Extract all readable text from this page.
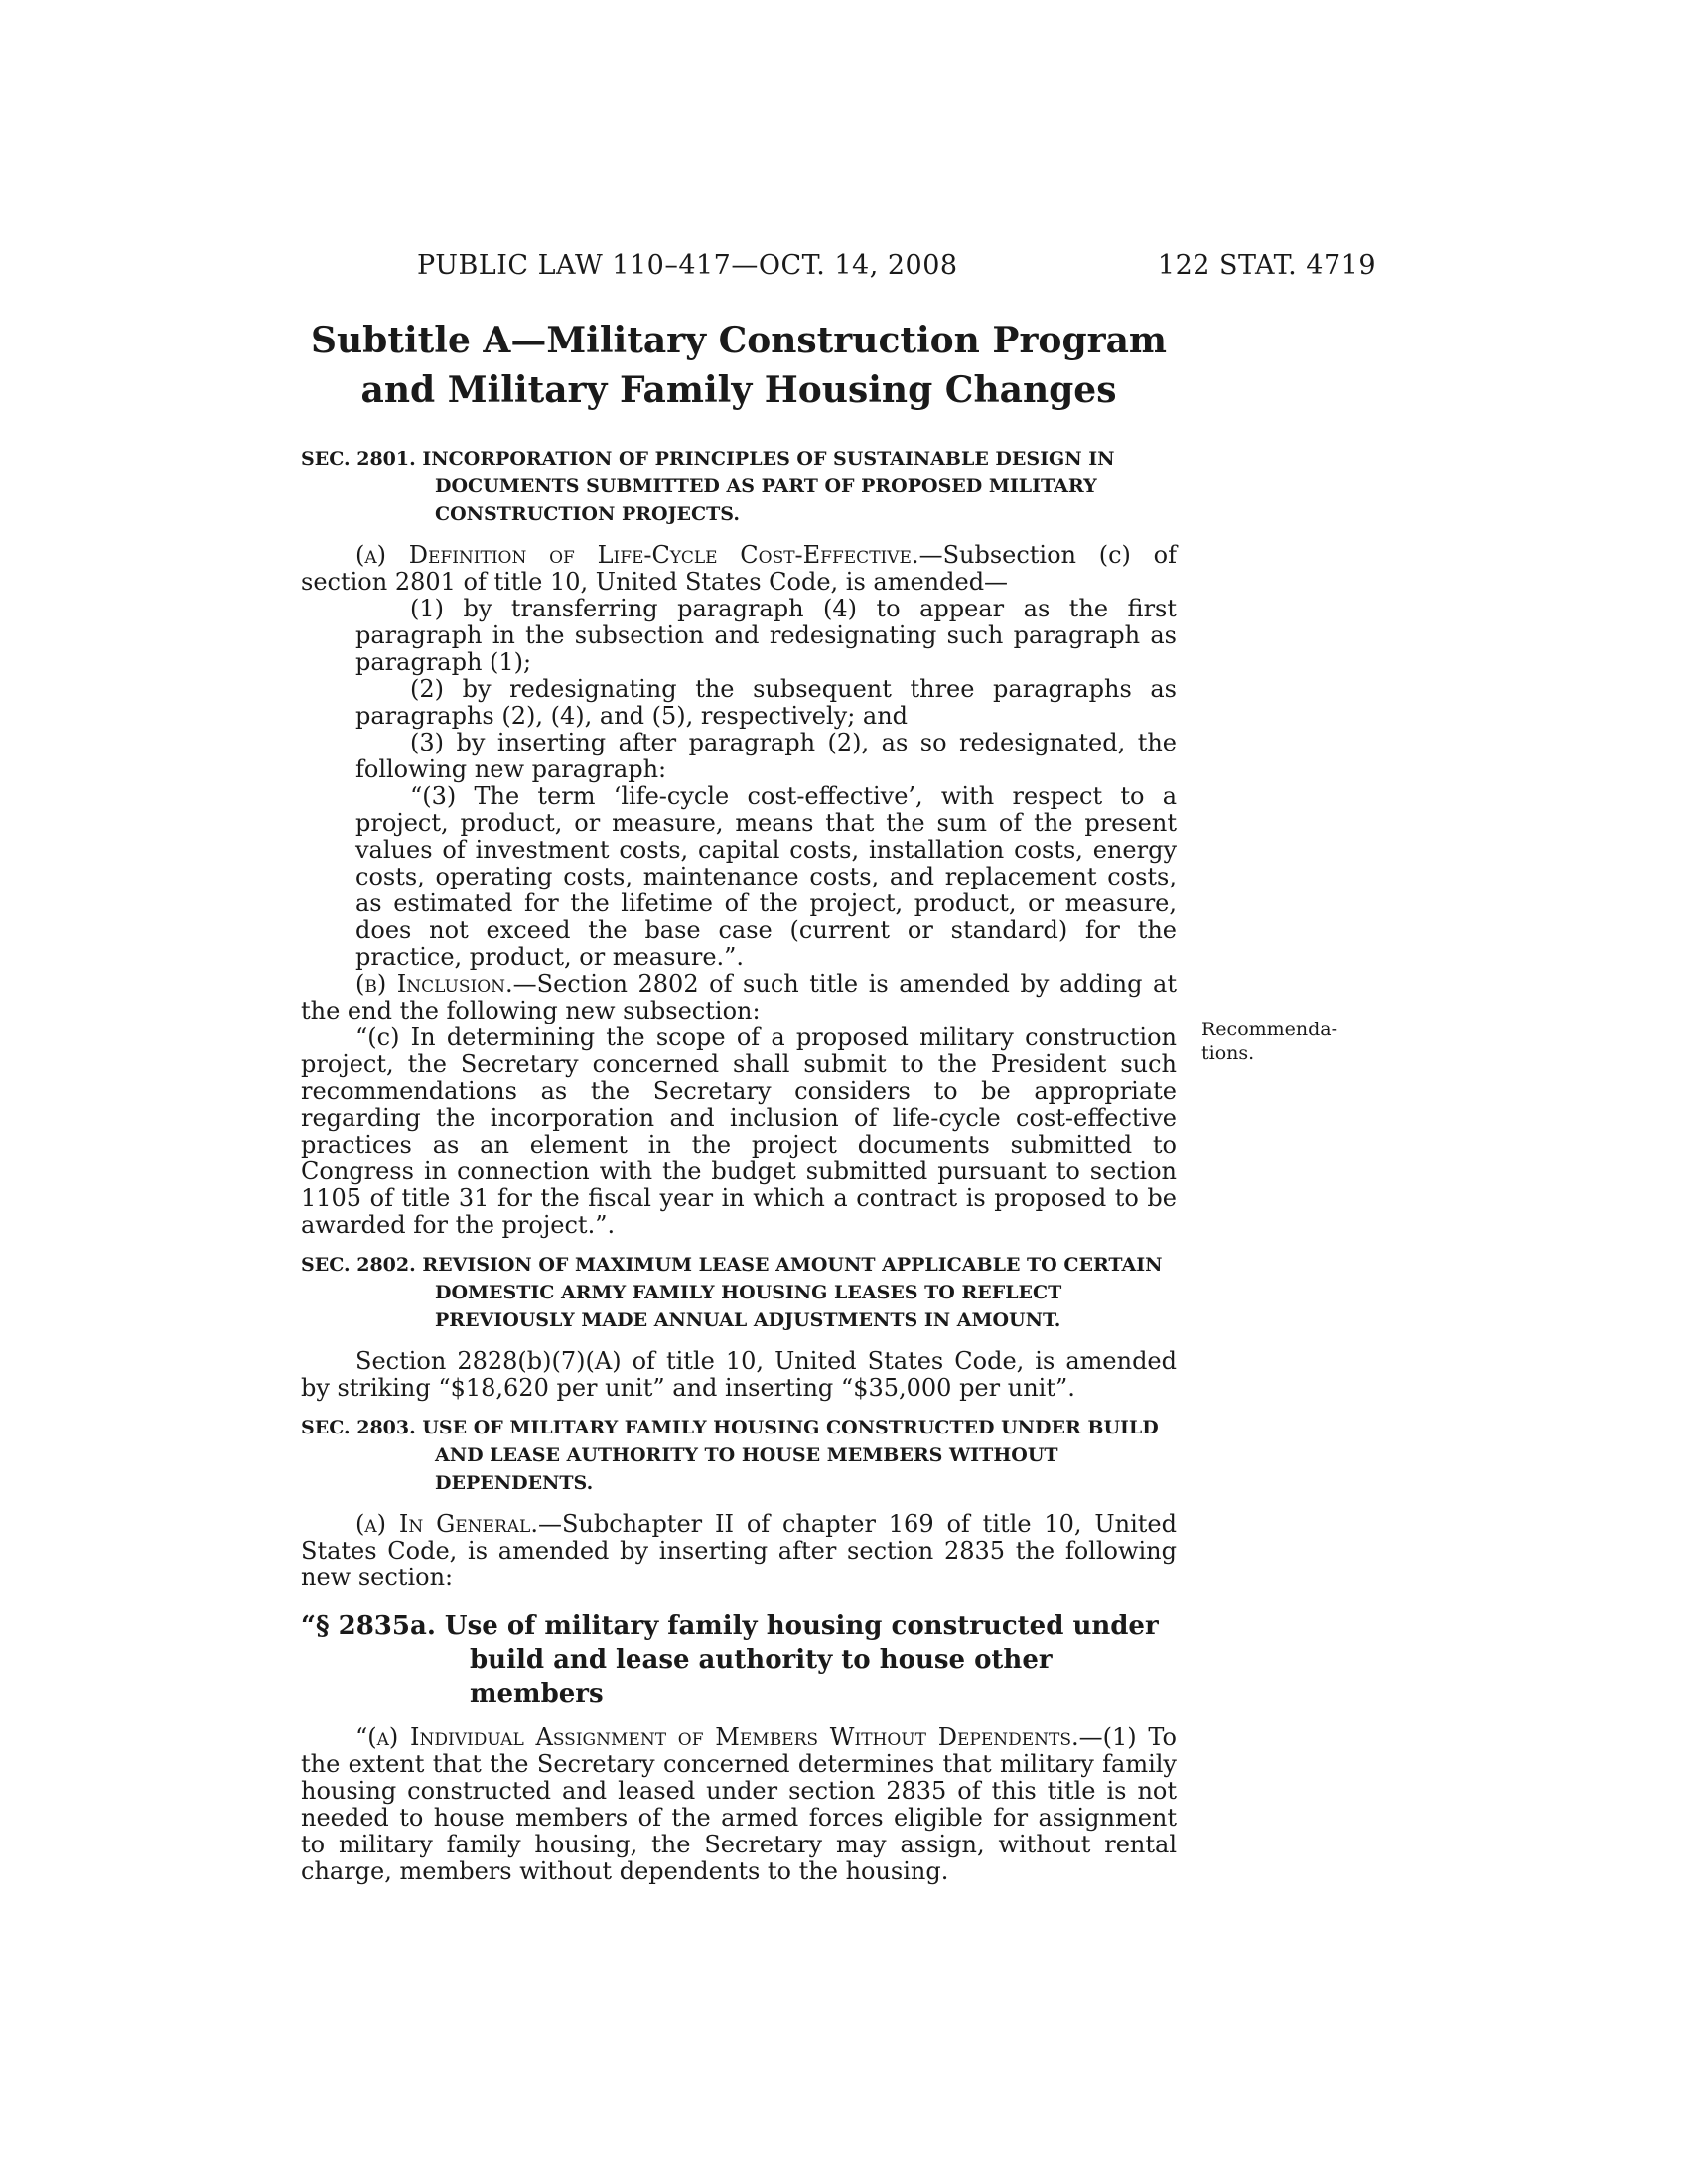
PUBLIC LAW 110–417—OCT. 14, 2008	122 STAT. 4719
Subtitle A—Military Construction Program
and Military Family Housing Changes
SEC. 2801. INCORPORATION OF PRINCIPLES OF SUSTAINABLE DESIGN IN DOCUMENTS SUBMITTED AS PART OF PROPOSED MILITARY CONSTRUCTION PROJECTS.

(a) Definition of Life-Cycle Cost-Effective.—Subsection (c) of section 2801 of title 10, United States Code, is amended—

(1) by transferring paragraph (4) to appear as the first paragraph in the subsection and redesignating such paragraph as paragraph (1);

(2) by redesignating the subsequent three paragraphs as paragraphs (2), (4), and (5), respectively; and

(3) by inserting after paragraph (2), as so redesignated, the following new paragraph:

“(3) The term ‘life-cycle cost-effective’, with respect to a project, product, or measure, means that the sum of the present values of investment costs, capital costs, installation costs, energy costs, operating costs, maintenance costs, and replacement costs, as estimated for the lifetime of the project, product, or measure, does not exceed the base case (current or standard) for the practice, product, or measure.”.

(b) Inclusion.—Section 2802 of such title is amended by adding at the end the following new subsection:

“(c) In determining the scope of a proposed military construction project, the Secretary concerned shall submit to the President such recommendations as the Secretary considers to be appropriate regarding the incorporation and inclusion of life-cycle cost-effective practices as an element in the project documents submitted to Congress in connection with the budget submitted pursuant to section 1105 of title 31 for the fiscal year in which a contract is proposed to be awarded for the project.”.

SEC. 2802. REVISION OF MAXIMUM LEASE AMOUNT APPLICABLE TO CERTAIN DOMESTIC ARMY FAMILY HOUSING LEASES TO REFLECT PREVIOUSLY MADE ANNUAL ADJUSTMENTS IN AMOUNT.

Section 2828(b)(7)(A) of title 10, United States Code, is amended by striking “$18,620 per unit” and inserting “$35,000 per unit”.

SEC. 2803. USE OF MILITARY FAMILY HOUSING CONSTRUCTED UNDER BUILD AND LEASE AUTHORITY TO HOUSE MEMBERS WITHOUT DEPENDENTS.

(a) In General.—Subchapter II of chapter 169 of title 10, United States Code, is amended by inserting after section 2835 the following new section:

“§ 2835a. Use of military family housing constructed under build and lease authority to house other members

“(a) Individual Assignment of Members Without Dependents.—(1) To the extent that the Secretary concerned determines that military family housing constructed and leased under section 2835 of this title is not needed to house members of the armed forces eligible for assignment to military family housing, the Secretary may assign, without rental charge, members without dependents to the housing.

Recommenda-tions.
